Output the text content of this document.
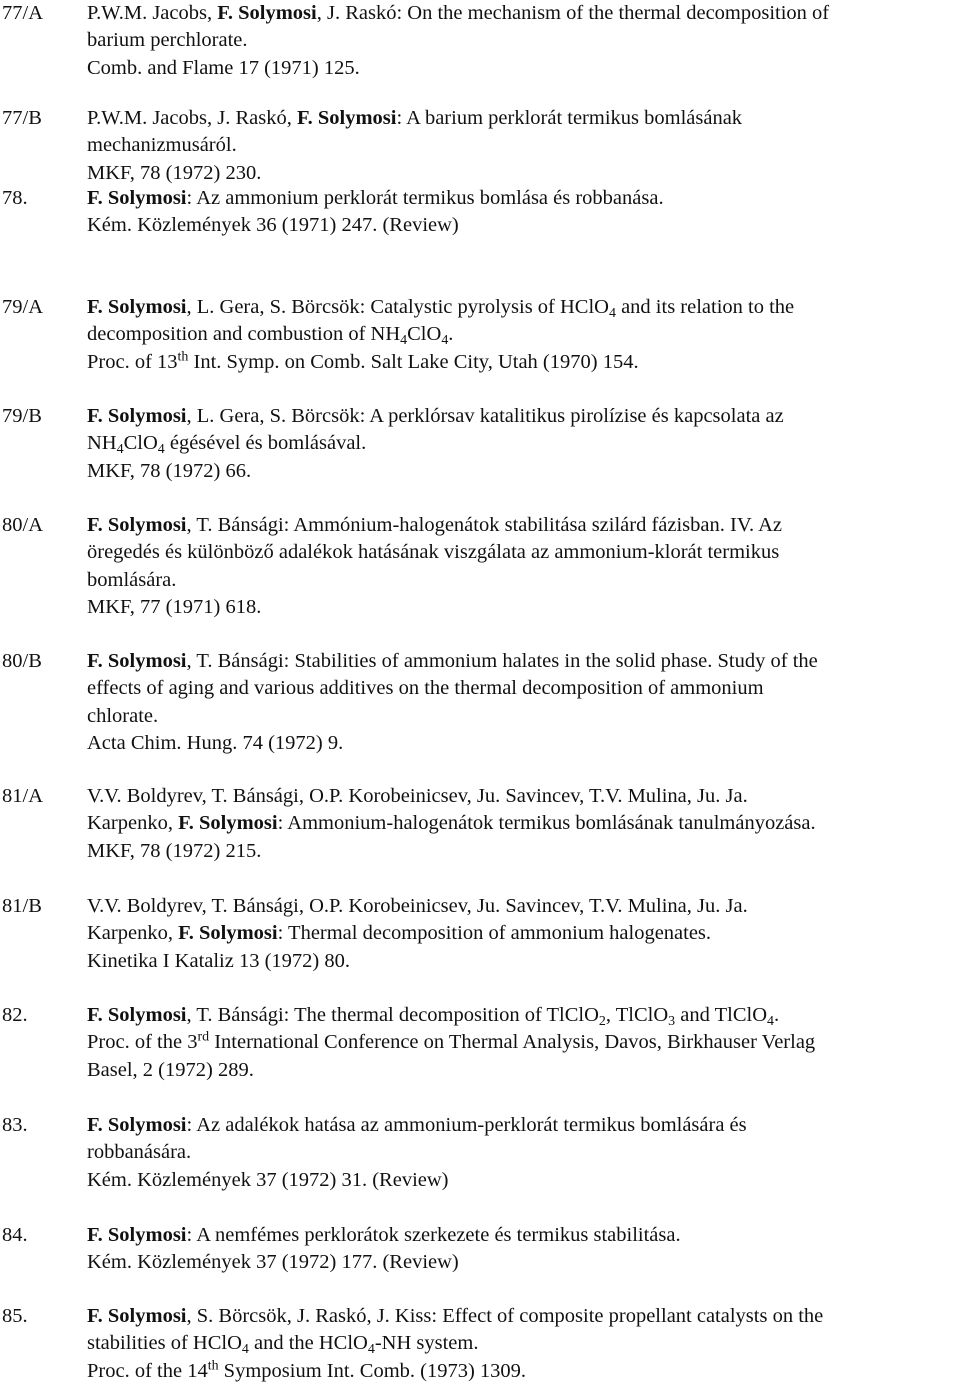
77/A	P.W.M. Jacobs, F. Solymosi, J. Raskó: On the mechanism of the thermal decomposition of
barium perchlorate.
Comb. and Flame 17 (1971) 125.
77/B	P.W.M. Jacobs, J. Raskó, F. Solymosi: A barium perklorát termikus bomlásának
mechanizmusáról.
MKF, 78 (1972) 230.
78.	F. Solymosi: Az ammonium perklorát termikus bomlása és robbanása.
Kém. Közlemények 36 (1971) 247. (Review)
79/A	F. Solymosi, L. Gera, S. Börcsök: Catalystic pyrolysis of HClO$_4$ and its relation to the
decomposition and combustion of $NH_4ClO_4$.
Proc. of 13th Int. Symp. on Comb. Salt Lake City, Utah (1970) 154.
79/B	F. Solymosi, L. Gera, S. Börcsök: A perklórsav katalitikus pirolízise és kapcsolata az
$NH_4ClO_4$ égésével és bomlásával.
MKF, 78 (1972) 66.
80/A	F. Solymosi, T. Bánsági: Ammónium-halogenátok stabilitása szilárd fázisban. IV. Az
öregedés és különböző adalékok hatásának viszgálata az ammonium-klorát termikus
bomlására.
MKF, 77 (1971) 618.
80/B	F. Solymosi, T. Bánsági: Stabilities of ammonium halates in the solid phase. Study of the
effects of aging and various additives on the thermal decomposition of ammonium
chlorate.
Acta Chim. Hung. 74 (1972) 9.
81/A	V.V. Boldyrev, T. Bánsági, O.P. Korobeinicsev, Ju. Savincev, T.V. Mulina, Ju. Ja.
Karpenko, F. Solymosi: Ammonium-halogenátok termikus bomlásának tanulmányozása.
MKF, 78 (1972) 215.
81/B	V.V. Boldyrev, T. Bánsági, O.P. Korobeinicsev, Ju. Savincev, T.V. Mulina, Ju. Ja.
Karpenko, F. Solymosi: Thermal decomposition of ammonium halogenates.
Kinetika I Kataliz 13 (1972) 80.
82.	F. Solymosi, T. Bánsági: The thermal decomposition of TlClO$_2$, TlClO$_3$ and TlClO$_4$.
Proc. of the 3rd International Conference on Thermal Analysis, Davos, Birkhauser Verlag
Basel, 2 (1972) 289.
83.	F. Solymosi: Az adalékok hatása az ammonium-perklorát termikus bomlására és
robbanására.
Kém. Közlemények 37 (1972) 31. (Review)
84.	F. Solymosi: A nemfémes perklorátok szerkezete és termikus stabilitása.
Kém. Közlemények 37 (1972) 177. (Review)
85.	F. Solymosi, S. Börcsök, J. Raskó, J. Kiss: Effect of composite propellant catalysts on the
stabilities of HClO$_4$ and the HClO$_4$-NH system.
Proc. of the 14th Symposium Int. Comb. (1973) 1309.
